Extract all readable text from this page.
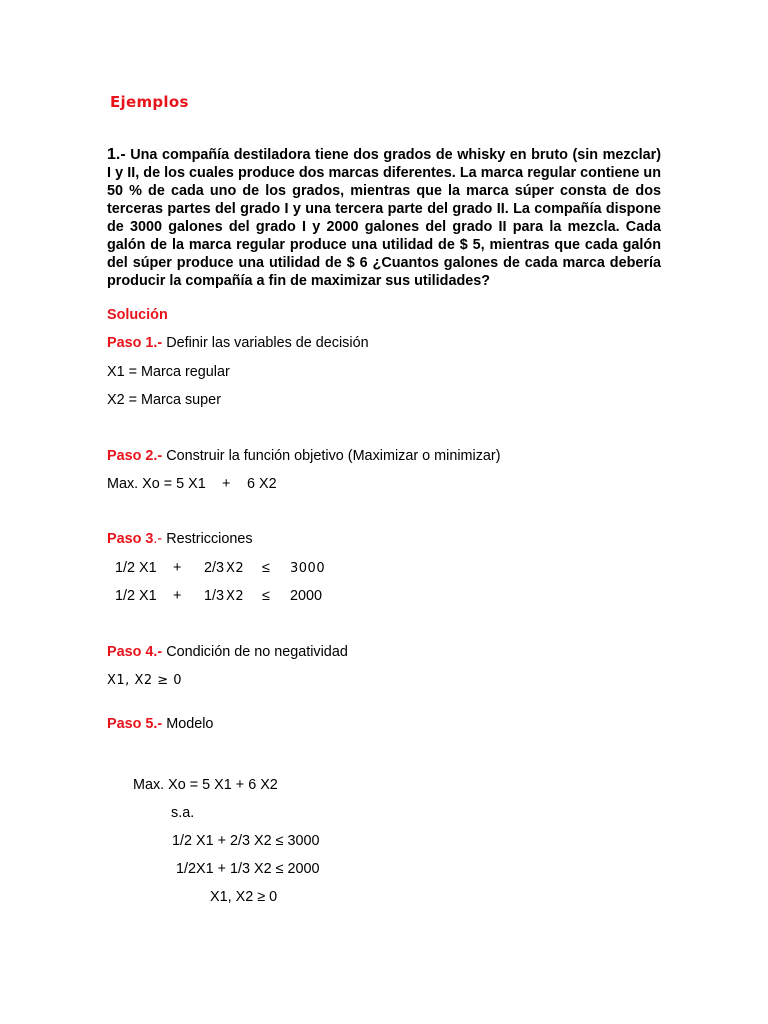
Ejemplos
1.- Una compañía destiladora tiene dos grados de whisky en bruto (sin mezclar) I y II, de los cuales produce dos marcas diferentes. La marca regular contiene un 50 % de cada uno de los grados, mientras que la marca súper consta de dos terceras partes del grado I y una tercera parte del grado II. La compañía dispone de 3000 galones del grado I y 2000 galones del grado II para la mezcla. Cada galón de la marca regular produce una utilidad de $ 5, mientras que cada galón del súper produce una utilidad de $ 6 ¿Cuantos galones de cada marca debería producir la compañía a fin de maximizar sus utilidades?
Solución
Paso 1.- Definir las variables de decisión
X1 = Marca regular
X2 = Marca super
Paso 2.- Construir la función objetivo (Maximizar o minimizar)
Max. Xo = 5 X1 + 6 X2
Paso 3.- Restricciones
1/2 X1 + 2/3 X2 ≤ 3000
1/2 X1 + 1/3 X2 ≤ 2000
Paso 4.- Condición de no negatividad
X1, X2 ≥ 0
Paso 5.- Modelo
Max. Xo = 5 X1 + 6 X2
s.a.
1/2 X1 + 2/3 X2 ≤ 3000
1/2X1 + 1/3 X2 ≤ 2000
X1, X2 ≥ 0
